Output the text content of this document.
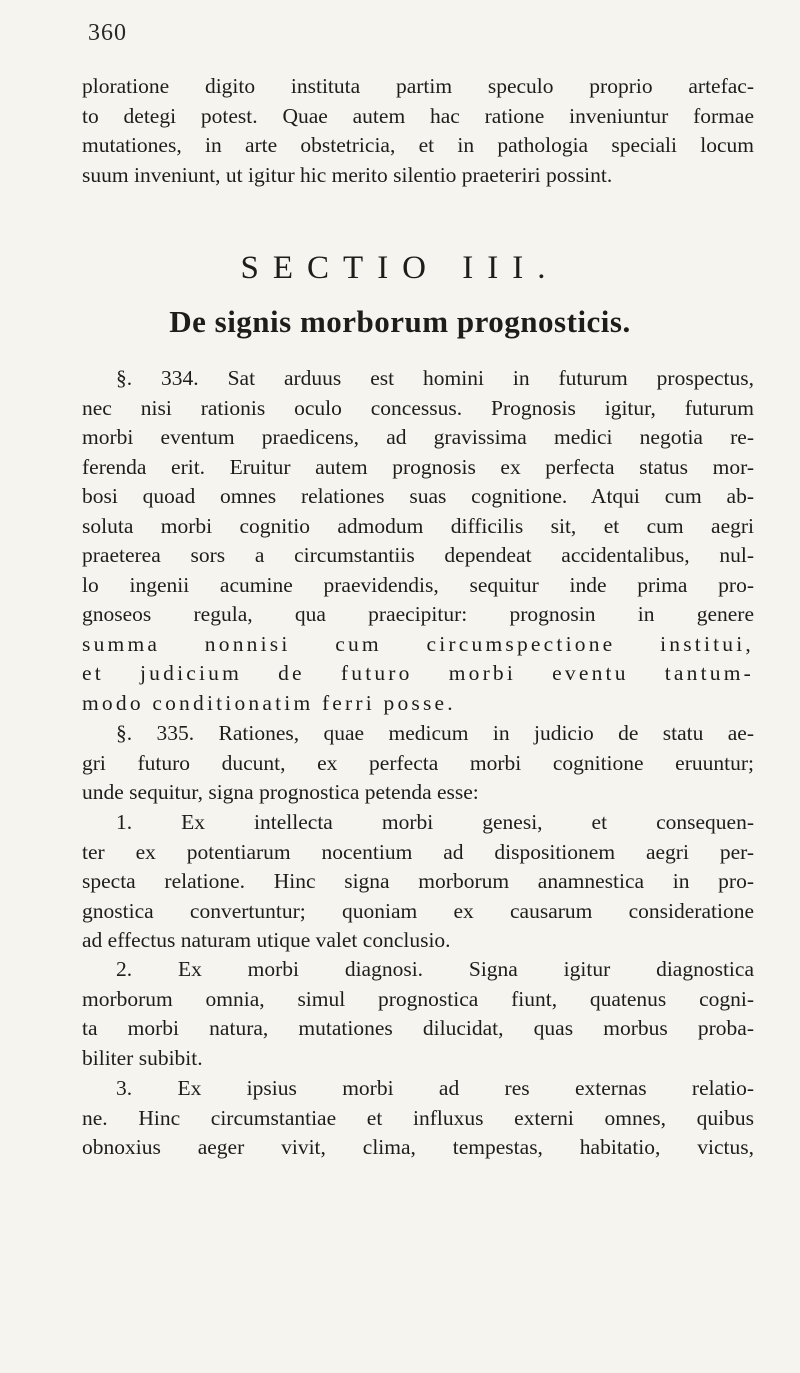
360
ploratione digito instituta partim speculo proprio artefac-
to detegi potest. Quae autem hac ratione inveniuntur formae
mutationes, in arte obstetricia, et in pathologia speciali locum
suum inveniunt, ut igitur hic merito silentio praeteriri possint.
SECTIO III.
De signis morborum prognosticis.
§. 334. Sat arduus est homini in futurum prospectus,
nec nisi rationis oculo concessus. Prognosis igitur, futurum
morbi eventum praedicens, ad gravissima medici negotia re-
ferenda erit. Eruitur autem prognosis ex perfecta status mor-
bosi quoad omnes relationes suas cognitione. Atqui cum ab-
soluta morbi cognitio admodum difficilis sit, et cum aegri
praeterea sors a circumstantiis dependeat accidentalibus, nul-
lo ingenii acumine praevidendis, sequitur inde prima pro-
gnoseos regula, qua praecipitur: prognosin in genere
summa nonnisi cum circumspectione institui,
et judicium de futuro morbi eventu tantum-
modo conditionatim ferri posse.
§. 335. Rationes, quae medicum in judicio de statu ae-
gri futuro ducunt, ex perfecta morbi cognitione eruuntur;
unde sequitur, signa prognostica petenda esse:
1. Ex intellecta morbi genesi, et consequen-
ter ex potentiarum nocentium ad dispositionem aegri per-
specta relatione. Hinc signa morborum anamnestica in pro-
gnostica convertuntur; quoniam ex causarum consideratione
ad effectus naturam utique valet conclusio.
2. Ex morbi diagnosi. Signa igitur diagnostica
morborum omnia, simul prognostica fiunt, quatenus cogni-
ta morbi natura, mutationes dilucidat, quas morbus proba-
biliter subibit.
3. Ex ipsius morbi ad res externas relatio-
ne. Hinc circumstantiae et influxus externi omnes, quibus
obnoxius aeger vivit, clima, tempestas, habitatio, victus,
